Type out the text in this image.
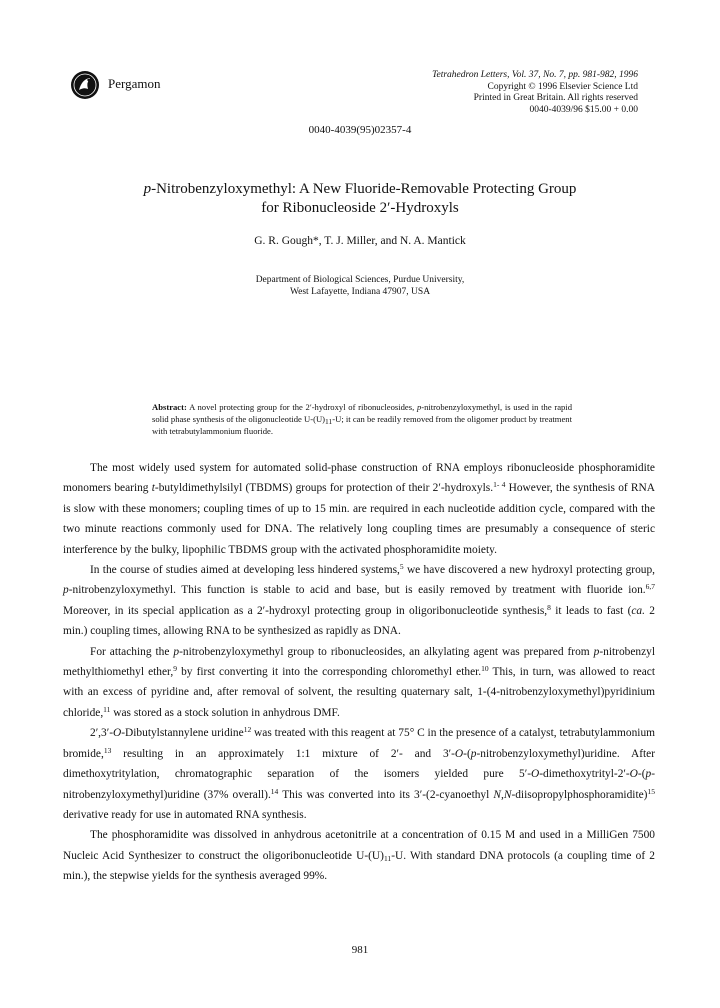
Pergamon
Tetrahedron Letters, Vol. 37, No. 7, pp. 981-982, 1996
Copyright © 1996 Elsevier Science Ltd
Printed in Great Britain. All rights reserved
0040-4039/96 $15.00 + 0.00
0040-4039(95)02357-4
p-Nitrobenzyloxymethyl: A New Fluoride-Removable Protecting Group
for Ribonucleoside 2′-Hydroxyls
G. R. Gough*, T. J. Miller, and N. A. Mantick
Department of Biological Sciences, Purdue University,
West Lafayette, Indiana 47907, USA
Abstract: A novel protecting group for the 2′-hydroxyl of ribonucleosides, p-nitrobenzyloxymethyl, is used in the rapid solid phase synthesis of the oligonucleotide $U-(U)_{11}-U$; it can be readily removed from the oligomer product by treatment with tetrabutylammonium fluoride.

The most widely used system for automated solid-phase construction of RNA employs ribonucleoside phosphoramidite monomers bearing t-butyldimethylsilyl (TBDMS) groups for protection of their 2′-hydroxyls.$^{1- 4}$ However, the synthesis of RNA is slow with these monomers; coupling times of up to 15 min. are required in each nucleotide addition cycle, compared with the two minute reactions commonly used for DNA. The relatively long coupling times are presumably a consequence of steric interference by the bulky, lipophilic TBDMS group with the activated phosphoramidite moiety.

In the course of studies aimed at developing less hindered systems,$^5$ we have discovered a new hydroxyl protecting group, p-nitrobenzyloxymethyl. This function is stable to acid and base, but is easily removed by treatment with fluoride ion.$^{6,7}$ Moreover, in its special application as a 2′-hydroxyl protecting group in oligoribonucleotide synthesis,$^8$ it leads to fast (ca. 2 min.) coupling times, allowing RNA to be synthesized as rapidly as DNA.

For attaching the p-nitrobenzyloxymethyl group to ribonucleosides, an alkylating agent was prepared from p-nitrobenzyl methylthiomethyl ether,$^9$ by first converting it into the corresponding chloromethyl ether.$^{10}$ This, in turn, was allowed to react with an excess of pyridine and, after removal of solvent, the resulting quaternary salt, 1-(4-nitrobenzyloxymethyl)pyridinium chloride,$^{11}$ was stored as a stock solution in anhydrous DMF.

2′,3′-O-Dibutylstannylene uridine$^{12}$ was treated with this reagent at 75° C in the presence of a catalyst, tetrabutylammonium bromide,$^{13}$ resulting in an approximately 1:1 mixture of 2′- and 3′-O-(p-nitrobenzyloxymethyl)uridine. After dimethoxytritylation, chromatographic separation of the isomers yielded pure 5′-O-dimethoxytrityl-2′-O-(p-nitrobenzyloxymethyl)uridine (37% overall).$^{14}$ This was converted into its 3′-(2-cyanoethyl N,N-diisopropylphosphoramidite)$^{15}$ derivative ready for use in automated RNA synthesis.

The phosphoramidite was dissolved in anhydrous acetonitrile at a concentration of 0.15 M and used in a MilliGen 7500 Nucleic Acid Synthesizer to construct the oligoribonucleotide $U-(U)_{11}-U$. With standard DNA protocols (a coupling time of 2 min.), the stepwise yields for the synthesis averaged 99%.

981
